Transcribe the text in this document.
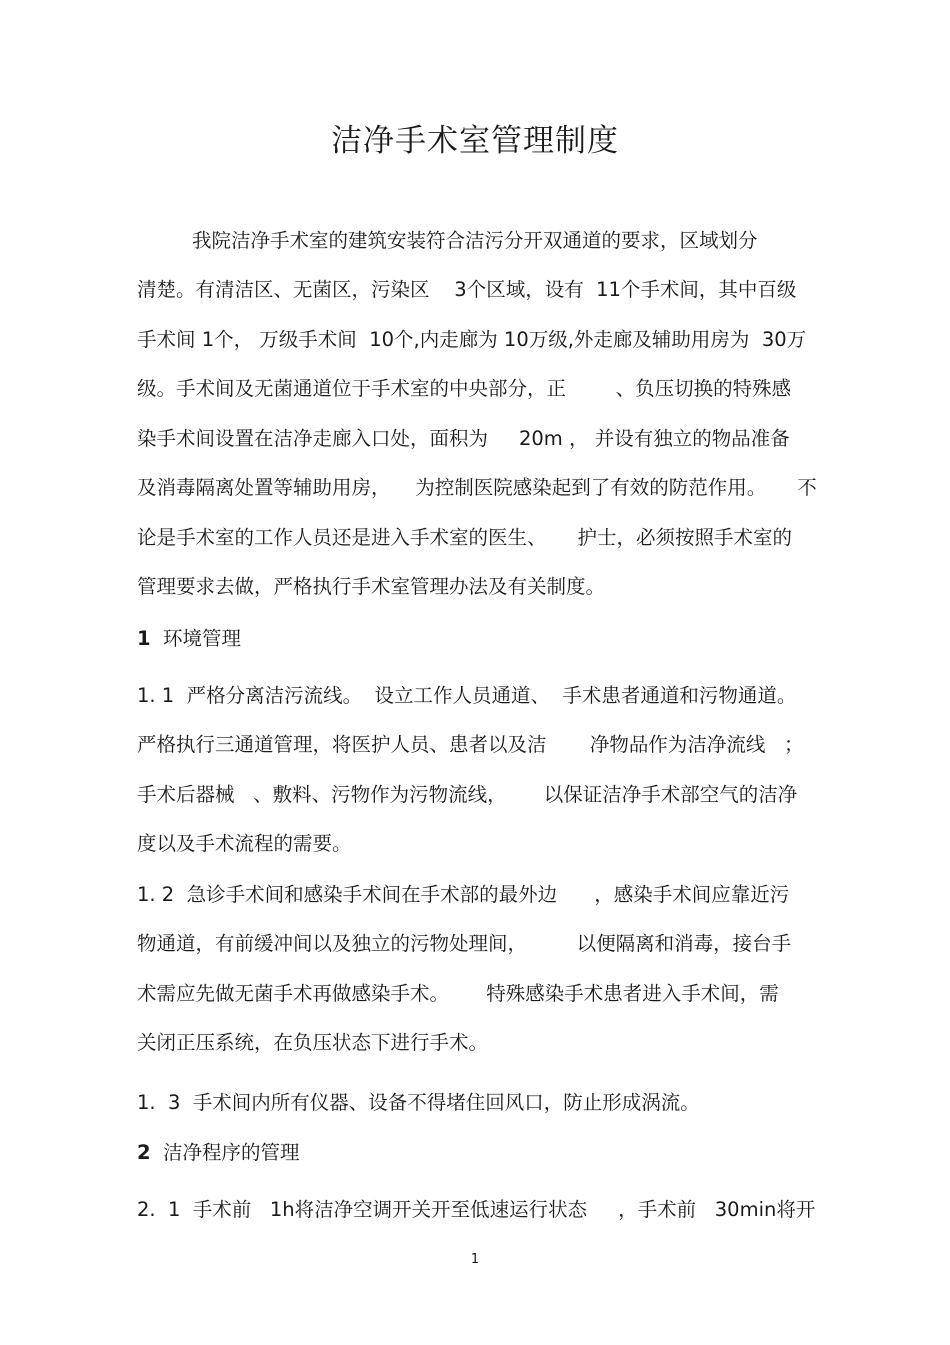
洁净手术室管理制度

我院洁净手术室的建筑安装符合洁污分开双通道的要求，区域划分

清楚。有清洁区、无菌区，污染区    3个区域，设有  11个手术间，其中百级

手术间 1个， 万级手术间  10个,内走廊为 10万级,外走廊及辅助用房为  30万

级。手术间及无菌通道位于手术室的中央部分，正        、负压切换的特殊感

染手术间设置在洁净走廊入口处，面积为     20m ， 并设有独立的物品准备

及消毒隔离处置等辅助用房，    为控制医院感染起到了有效的防范作用。     不

论是手术室的工作人员还是进入手术室的医生、     护士，必须按照手术室的

管理要求去做，严格执行手术室管理办法及有关制度。

1 环境管理

1. 1  严格分离洁污流线。  设立工作人员通道、  手术患者通道和污物通道。

严格执行三通道管理，将医护人员、患者以及洁       净物品作为洁净流线   ；

手术后器械   、敷料、污物作为污物流线，      以保证洁净手术部空气的洁净

度以及手术流程的需要。

1. 2  急诊手术间和感染手术间在手术部的最外边      ，感染手术间应靠近污

物通道，有前缓冲间以及独立的污物处理间，        以便隔离和消毒，接台手

术需应先做无菌手术再做感染手术。      特殊感染手术患者进入手术间，需

关闭正压系统，在负压状态下进行手术。

1.  3  手术间内所有仪器、设备不得堵住回风口，防止形成涡流。

2 洁净程序的管理

2.  1  手术前   1h将洁净空调开关开至低速运行状态     ，手术前   30min将开

1
